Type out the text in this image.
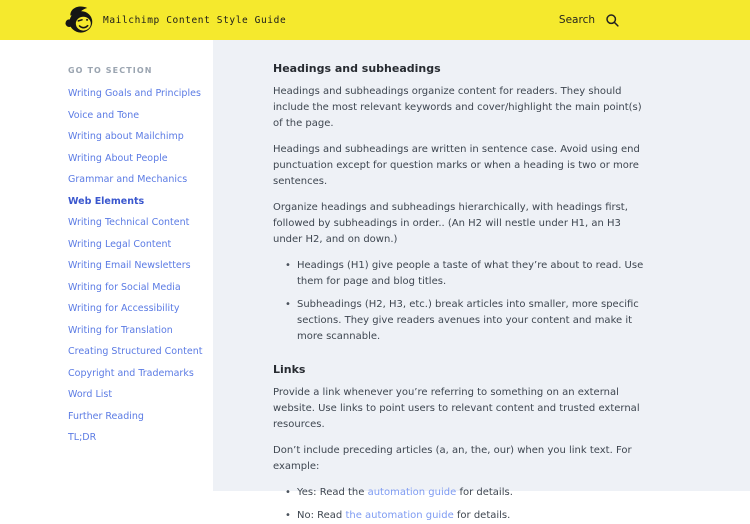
Mailchimp Content Style Guide	Search
GO TO SECTION
Writing Goals and Principles
Voice and Tone
Writing about Mailchimp
Writing About People
Grammar and Mechanics
Web Elements
Writing Technical Content
Writing Legal Content
Writing Email Newsletters
Writing for Social Media
Writing for Accessibility
Writing for Translation
Creating Structured Content
Copyright and Trademarks
Word List
Further Reading
TL;DR
Headings and subheadings

Headings and subheadings organize content for readers. They should include the most relevant keywords and cover/highlight the main point(s) of the page.

Headings and subheadings are written in sentence case. Avoid using end punctuation except for question marks or when a heading is two or more sentences.

Organize headings and subheadings hierarchically, with headings first, followed by subheadings in order.. (An H2 will nestle under H1, an H3 under H2, and on down.)

• Headings (H1) give people a taste of what they’re about to read. Use them for page and blog titles.
• Subheadings (H2, H3, etc.) break articles into smaller, more specific sections. They give readers avenues into your content and make it more scannable.
Links

Provide a link whenever you’re referring to something on an external website. Use links to point users to relevant content and trusted external resources.

Don’t include preceding articles (a, an, the, our) when you link text. For example:

• Yes: Read the automation guide for details.
• No: Read the automation guide for details.
